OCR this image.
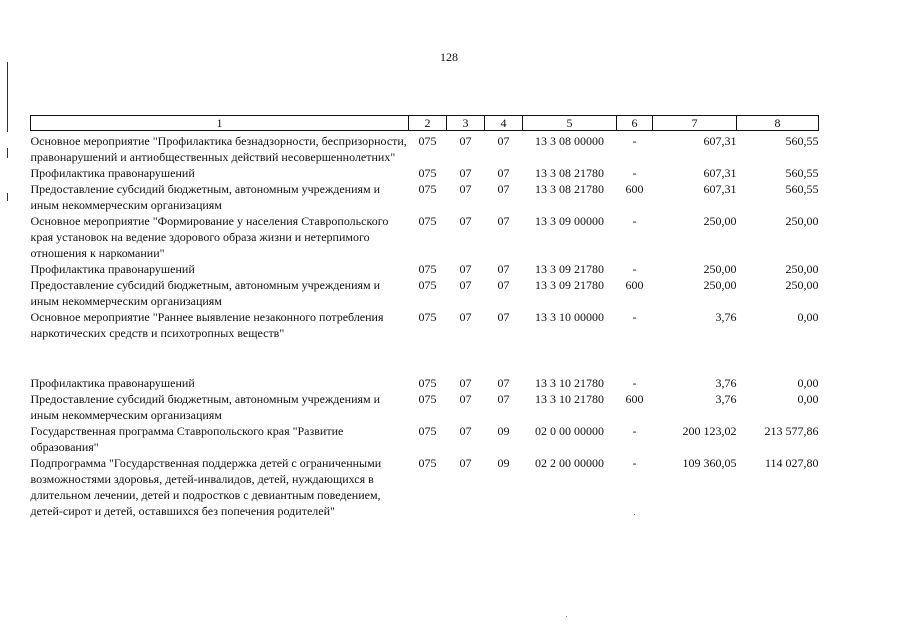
128
1	2	3	4	5	6	7	8
Основное мероприятие "Профилактика безнадзорности, беспризорности, правонарушений и антиобщественных действий несовершеннолетних"	075	07	07	13 3 08 00000	-	607,31	560,55
Профилактика правонарушений	075	07	07	13 3 08 21780	-	607,31	560,55
Предоставление субсидий бюджетным, автономным учреждениям и иным некоммерческим организациям	075	07	07	13 3 08 21780	600	607,31	560,55
Основное мероприятие "Формирование у населения Ставропольского края установок на ведение здорового образа жизни и нетерпимого отношения к наркомании"	075	07	07	13 3 09 00000	-	250,00	250,00
Профилактика правонарушений	075	07	07	13 3 09 21780	-	250,00	250,00
Предоставление субсидий бюджетным, автономным учреждениям и иным некоммерческим организациям	075	07	07	13 3 09 21780	600	250,00	250,00
Основное мероприятие "Раннее выявление незаконного потребления наркотических средств и психотропных веществ"	075	07	07	13 3 10 00000	-	3,76	0,00

Профилактика правонарушений	075	07	07	13 3 10 21780	-	3,76	0,00
Предоставление субсидий бюджетным, автономным учреждениям и иным некоммерческим организациям	075	07	07	13 3 10 21780	600	3,76	0,00
Государственная программа Ставропольского края "Развитие образования"	075	07	09	02 0 00 00000	-	200 123,02	213 577,86
Подпрограмма "Государственная поддержка детей с ограниченными возможностями здоровья, детей-инвалидов, детей, нуждающихся в длительном лечении, детей и подростков с девиантным поведением, детей-сирот и детей, оставшихся без попечения родителей"	075	07	09	02 2 00 00000	-	109 360,05	114 027,80
